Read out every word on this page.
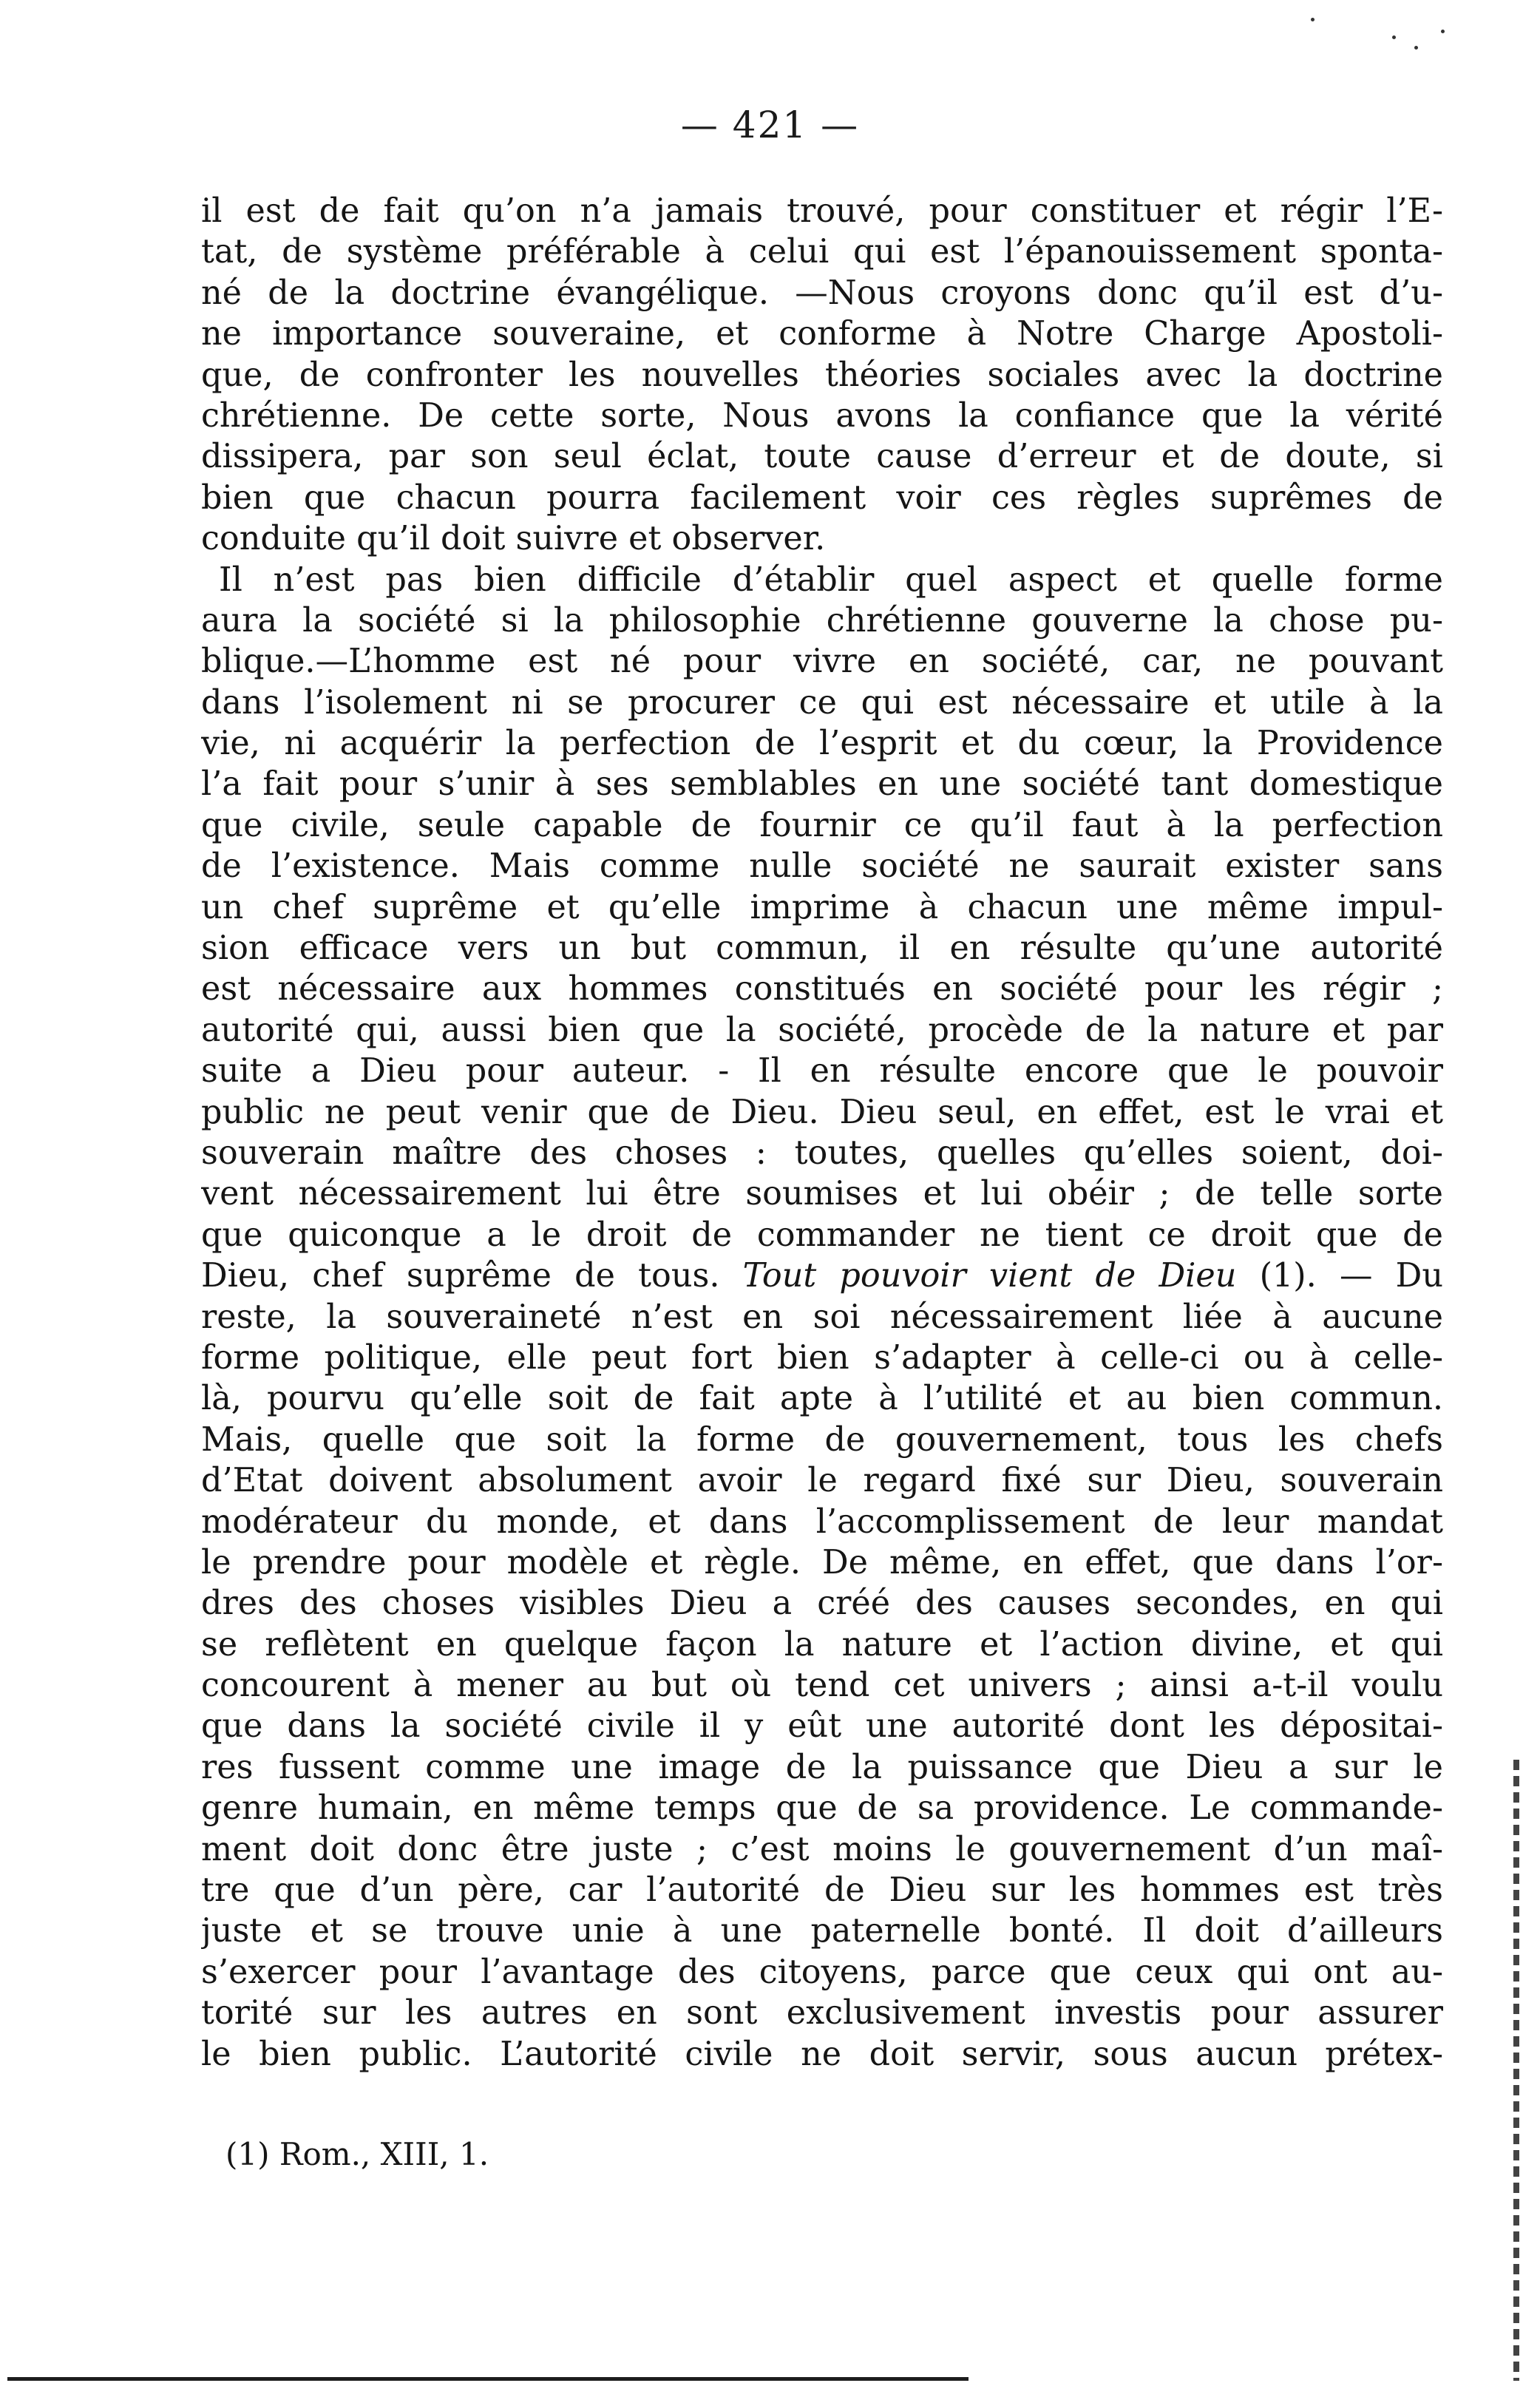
— 421 —
il est de fait qu’on n’a jamais trouvé, pour constituer et régir l’E-
tat, de système préférable à celui qui est l’épanouissement sponta-
né de la doctrine évangélique. —Nous croyons donc qu’il est d’u-
ne importance souveraine, et conforme à Notre Charge Apostoli-
que, de confronter les nouvelles théories sociales avec la doctrine
chrétienne. De cette sorte, Nous avons la confiance que la vérité
dissipera, par son seul éclat, toute cause d’erreur et de doute, si
bien que chacun pourra facilement voir ces règles suprêmes de
conduite qu’il doit suivre et observer.
Il n’est pas bien difficile d’établir quel aspect et quelle forme
aura la société si la philosophie chrétienne gouverne la chose pu-
blique.—L’homme est né pour vivre en société, car, ne pouvant
dans l’isolement ni se procurer ce qui est nécessaire et utile à la
vie, ni acquérir la perfection de l’esprit et du cœur, la Providence
l’a fait pour s’unir à ses semblables en une société tant domestique
que civile, seule capable de fournir ce qu’il faut à la perfection
de l’existence. Mais comme nulle société ne saurait exister sans
un chef suprême et qu’elle imprime à chacun une même impul-
sion efficace vers un but commun, il en résulte qu’une autorité
est nécessaire aux hommes constitués en société pour les régir ;
autorité qui, aussi bien que la société, procède de la nature et par
suite a Dieu pour auteur. - Il en résulte encore que le pouvoir
public ne peut venir que de Dieu. Dieu seul, en effet, est le vrai et
souverain maître des choses : toutes, quelles qu’elles soient, doi-
vent nécessairement lui être soumises et lui obéir ; de telle sorte
que quiconque a le droit de commander ne tient ce droit que de
Dieu, chef suprême de tous. Tout pouvoir vient de Dieu (1). — Du
reste, la souveraineté n’est en soi nécessairement liée à aucune
forme politique, elle peut fort bien s’adapter à celle-ci ou à celle-
là, pourvu qu’elle soit de fait apte à l’utilité et au bien commun.
Mais, quelle que soit la forme de gouvernement, tous les chefs
d’Etat doivent absolument avoir le regard fixé sur Dieu, souverain
modérateur du monde, et dans l’accomplissement de leur mandat
le prendre pour modèle et règle. De même, en effet, que dans l’or-
dres des choses visibles Dieu a créé des causes secondes, en qui
se reflètent en quelque façon la nature et l’action divine, et qui
concourent à mener au but où tend cet univers ; ainsi a-t-il voulu
que dans la société civile il y eût une autorité dont les dépositai-
res fussent comme une image de la puissance que Dieu a sur le
genre humain, en même temps que de sa providence. Le commande-
ment doit donc être juste ; c’est moins le gouvernement d’un maî-
tre que d’un père, car l’autorité de Dieu sur les hommes est très
juste et se trouve unie à une paternelle bonté. Il doit d’ailleurs
s’exercer pour l’avantage des citoyens, parce que ceux qui ont au-
torité sur les autres en sont exclusivement investis pour assurer
le bien public. L’autorité civile ne doit servir, sous aucun prétex-
(1) Rom., XIII, 1.
